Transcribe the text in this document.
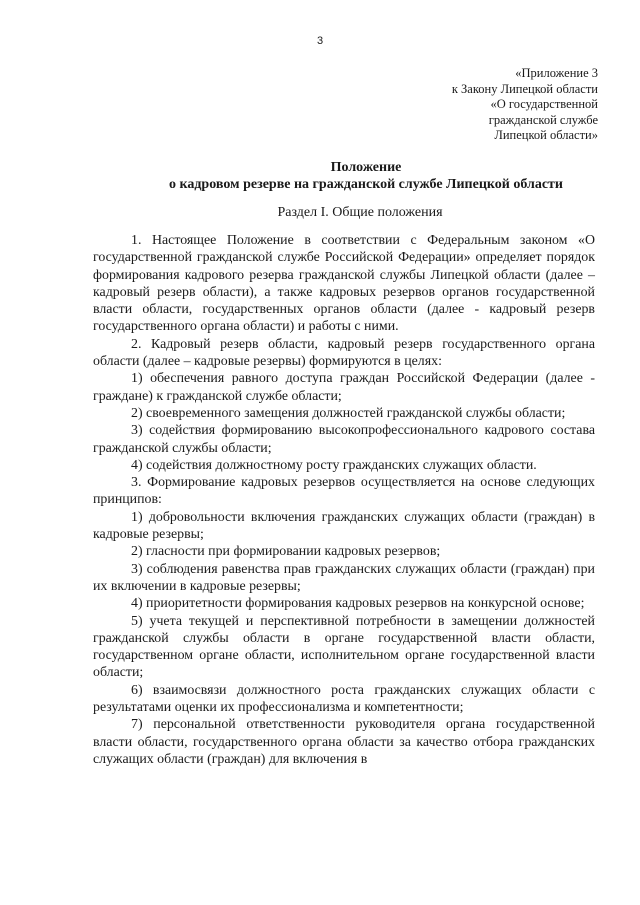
3
«Приложение 3
к Закону Липецкой области
«О государственной
гражданской службе
Липецкой области»
Положение
о кадровом резерве на гражданской службе Липецкой области
Раздел I. Общие положения

1. Настоящее Положение в соответствии с Федеральным законом «О государственной гражданской службе Российской Федерации» определяет порядок формирования кадрового резерва гражданской службы Липецкой области (далее – кадровый резерв области), а также кадровых резервов органов государственной власти области, государственных органов области (далее - кадровый резерв государственного органа области) и работы с ними.

2. Кадровый резерв области, кадровый резерв государственного органа области (далее – кадровые резервы) формируются в целях:

1) обеспечения равного доступа граждан Российской Федерации (далее - граждане) к гражданской службе области;

2) своевременного замещения должностей гражданской службы области;

3) содействия формированию высокопрофессионального кадрового состава гражданской службы области;

4) содействия должностному росту гражданских служащих области.

3. Формирование кадровых резервов осуществляется на основе следующих принципов:

1) добровольности включения гражданских служащих области (граждан) в кадровые резервы;

2) гласности при формировании кадровых резервов;

3) соблюдения равенства прав гражданских служащих области (граждан) при их включении в кадровые резервы;

4) приоритетности формирования кадровых резервов на конкурсной основе;

5) учета текущей и перспективной потребности в замещении должностей гражданской службы области в органе государственной власти области, государственном органе области, исполнительном органе государственной власти области;

6) взаимосвязи должностного роста гражданских служащих области с результатами оценки их профессионализма и компетентности;

7) персональной ответственности руководителя органа государственной власти области, государственного органа области за качество отбора гражданских служащих области (граждан) для включения в
